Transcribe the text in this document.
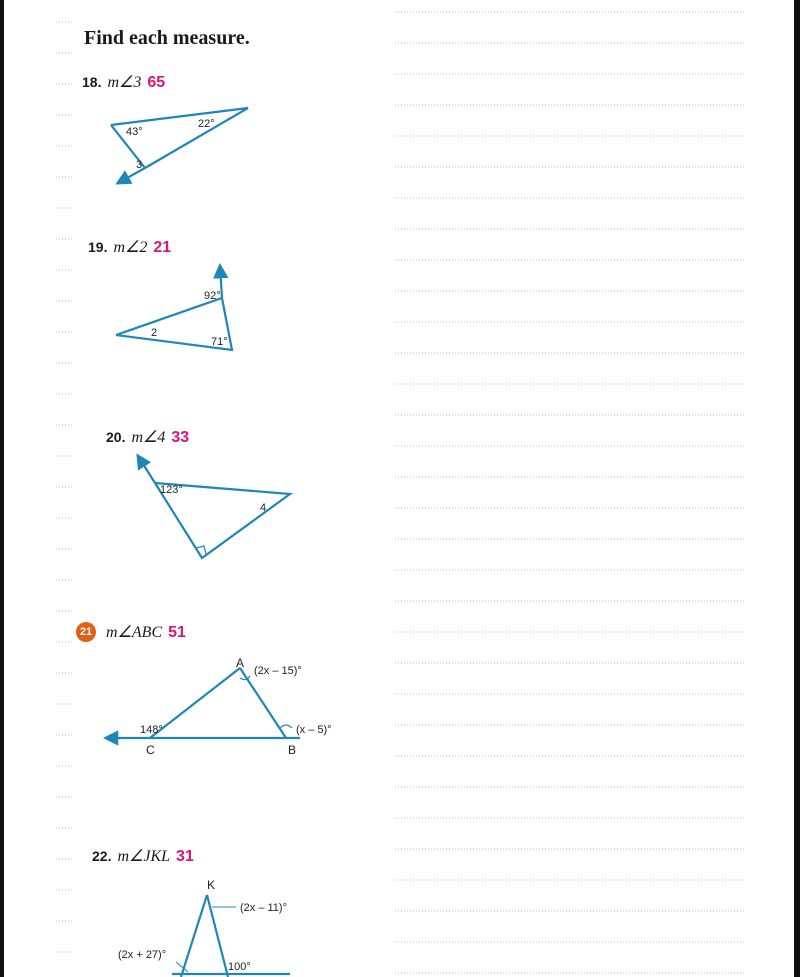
Find each measure.
18. m∠3 65
19. m∠2 21
20. m∠4 33
21 m∠ABC 51
22. m∠JKL 31
43°
22°
3
92°
2
71°
123°
4
A
B
C
(2x – 15)°
(x – 5)°
148°
K
(2x – 11)°
(2x + 27)°
100°
